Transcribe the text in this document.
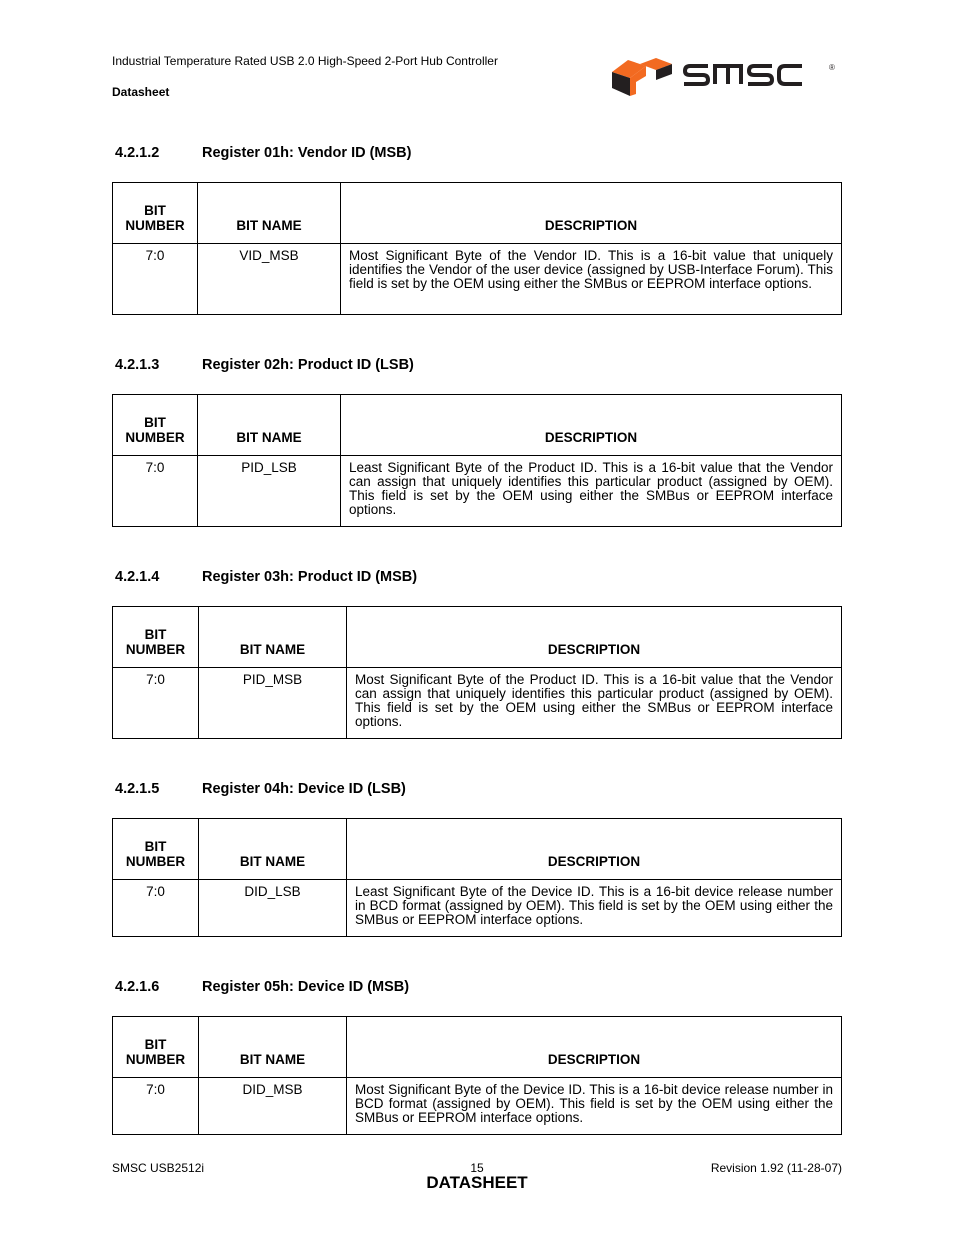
Industrial Temperature Rated USB 2.0 High-Speed 2-Port Hub Controller
Datasheet
®
4.2.1.2	Register 01h: Vendor ID (MSB)
BIT
NUMBER	BIT NAME	DESCRIPTION
7:0	VID_MSB	Most Significant Byte of the Vendor ID. This is a 16-bit value that uniquely identifies the Vendor of the user device (assigned by USB-Interface Forum). This field is set by the OEM using either the SMBus or EEPROM interface options.
4.2.1.3	Register 02h: Product ID (LSB)
BIT
NUMBER	BIT NAME	DESCRIPTION
7:0	PID_LSB	Least Significant Byte of the Product ID. This is a 16-bit value that the Vendor can assign that uniquely identifies this particular product (assigned by OEM). This field is set by the OEM using either the SMBus or EEPROM interface options.
4.2.1.4	Register 03h: Product ID (MSB)
BIT
NUMBER	BIT NAME	DESCRIPTION
7:0	PID_MSB	Most Significant Byte of the Product ID. This is a 16-bit value that the Vendor can assign that uniquely identifies this particular product (assigned by OEM). This field is set by the OEM using either the SMBus or EEPROM interface options.
4.2.1.5	Register 04h: Device ID (LSB)
BIT
NUMBER	BIT NAME	DESCRIPTION
7:0	DID_LSB	Least Significant Byte of the Device ID. This is a 16-bit device release number in BCD format (assigned by OEM). This field is set by the OEM using either the SMBus or EEPROM interface options.
4.2.1.6	Register 05h: Device ID (MSB)
BIT
NUMBER	BIT NAME	DESCRIPTION
7:0	DID_MSB	Most Significant Byte of the Device ID. This is a 16-bit device release number in BCD format (assigned by OEM). This field is set by the OEM using either the SMBus or EEPROM interface options.
SMSC USB2512i	15
DATASHEET
Revision 1.92 (11-28-07)
